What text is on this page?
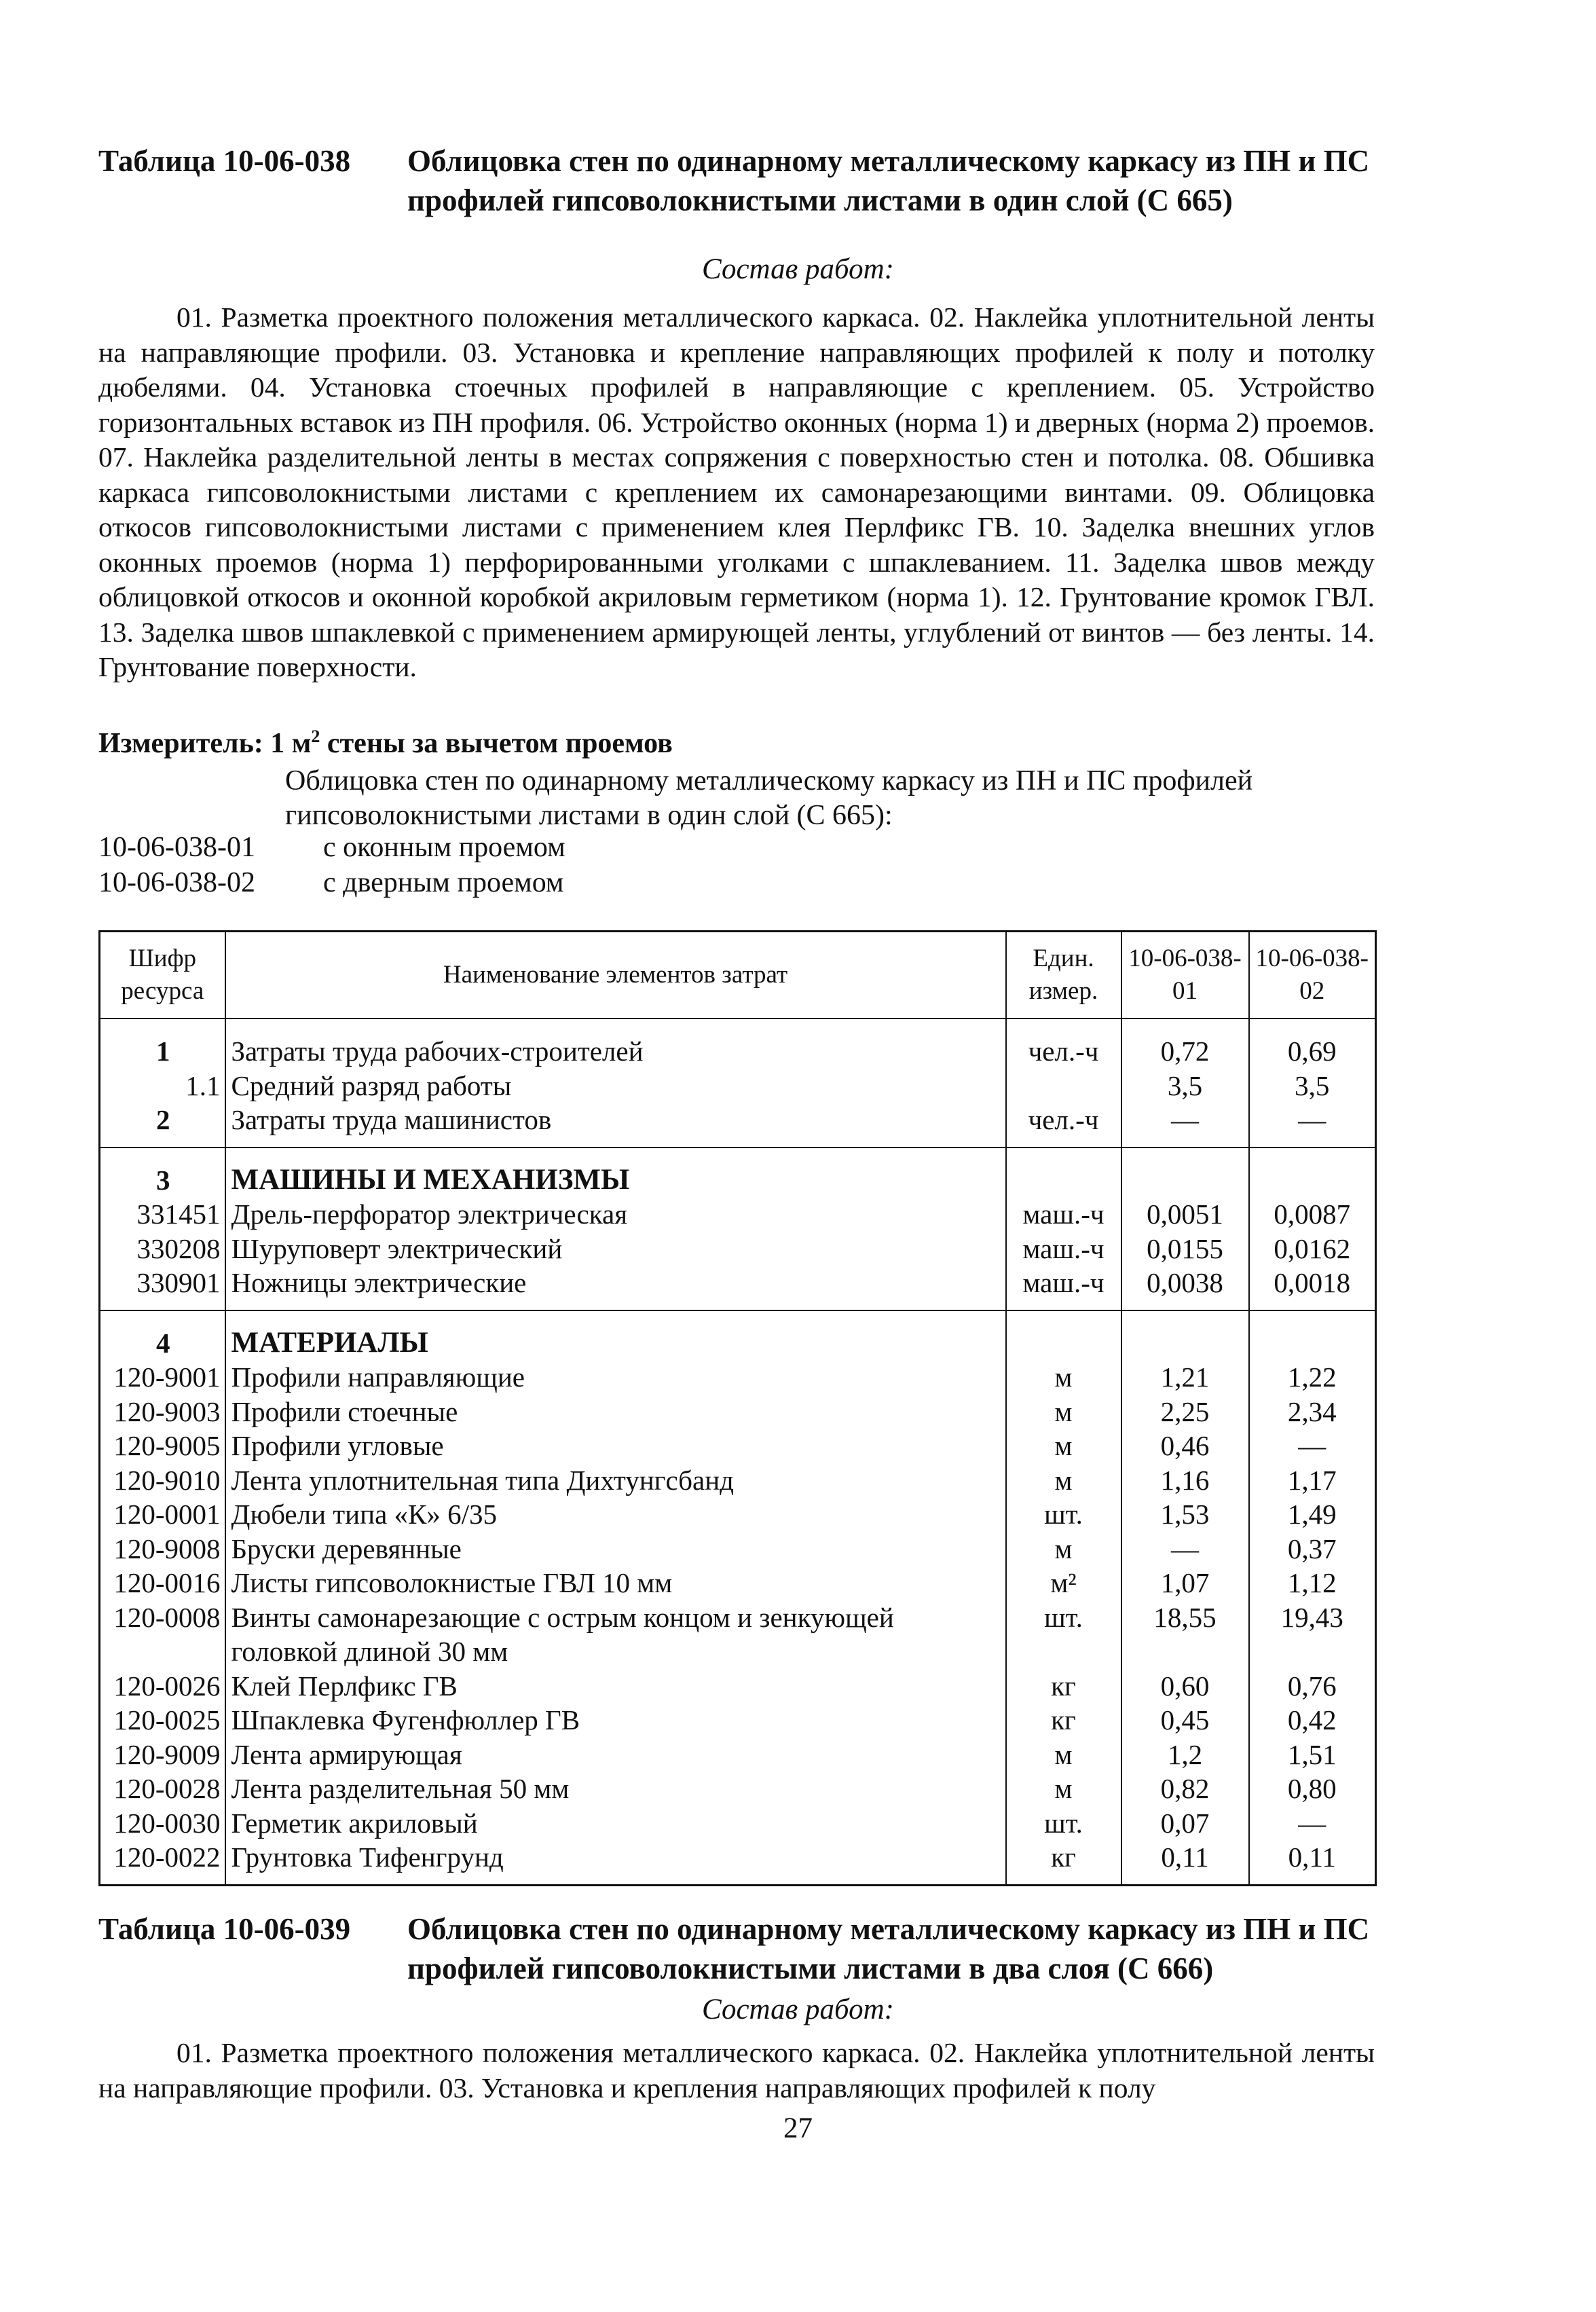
Таблица 10-06-038 Облицовка стен по одинарному металлическому каркасу из ПН и ПС профилей гипсоволокнистыми листами в один слой (С 665)
Состав работ:

01. Разметка проектного положения металлического каркаса. 02. Наклейка уплотнительной ленты на направляющие профили. 03. Установка и крепление направляющих профилей к полу и потолку дюбелями. 04. Установка стоечных профилей в направляющие с креплением. 05. Устройство горизонтальных вставок из ПН профиля. 06. Устройство оконных (норма 1) и дверных (норма 2) проемов. 07. Наклейка разделительной ленты в местах сопряжения с поверхностью стен и потолка. 08. Обшивка каркаса гипсоволокнистыми листами с креплением их самонарезающими винтами. 09. Облицовка откосов гипсоволокнистыми листами с применением клея Перлфикс ГВ. 10. Заделка внешних углов оконных проемов (норма 1) перфорированными уголками с шпаклеванием. 11. Заделка швов между облицовкой откосов и оконной коробкой акриловым герметиком (норма 1). 12. Грунтование кромок ГВЛ. 13. Заделка швов шпаклевкой с применением армирующей ленты, углублений от винтов — без ленты. 14. Грунтование поверхности.

Измеритель: 1 $м^2$ стены за вычетом проемов
Облицовка стен по одинарному металлическому каркасу из ПН и ПС профилей гипсоволокнистыми листами в один слой (С 665):
10-06-038-01 с оконным проемом
10-06-038-02 с дверным проемом
Шифр ресурса	Наименование элементов затрат	Един. измер.	10-06-038-01	10-06-038-02
1	Затраты труда рабочих-строителей	чел.-ч	0,72	0,69
1.1	Средний разряд работы		3,5	3,5
2	Затраты труда машинистов	чел.-ч	—	—
3	МАШИНЫ И МЕХАНИЗМЫ			
331451	Дрель-перфоратор электрическая	маш.-ч	0,0051	0,0087
330208	Шуруповерт электрический	маш.-ч	0,0155	0,0162
330901	Ножницы электрические	маш.-ч	0,0038	0,0018
4	МАТЕРИАЛЫ			
120-9001	Профили направляющие	м	1,21	1,22
120-9003	Профили стоечные	м	2,25	2,34
120-9005	Профили угловые	м	0,46	—
120-9010	Лента уплотнительная типа Дихтунгсбанд	м	1,16	1,17
120-0001	Дюбели типа «К» 6/35	шт.	1,53	1,49
120-9008	Бруски деревянные	м	—	0,37
120-0016	Листы гипсоволокнистые ГВЛ 10 мм	м²	1,07	1,12
120-0008	Винты самонарезающие с острым концом и зенкующей головкой длиной 30 мм	шт.	18,55	19,43
120-0026	Клей Перлфикс ГВ	кг	0,60	0,76
120-0025	Шпаклевка Фугенфюллер ГВ	кг	0,45	0,42
120-9009	Лента армирующая	м	1,2	1,51
120-0028	Лента разделительная 50 мм	м	0,82	0,80
120-0030	Герметик акриловый	шт.	0,07	—
120-0022	Грунтовка Тифенгрунд	кг	0,11	0,11
Таблица 10-06-039 Облицовка стен по одинарному металлическому каркасу из ПН и ПС профилей гипсоволокнистыми листами в два слоя (С 666)
Состав работ:

01. Разметка проектного положения металлического каркаса. 02. Наклейка уплотнительной ленты на направляющие профили. 03. Установка и крепления направляющих профилей к полу

27
